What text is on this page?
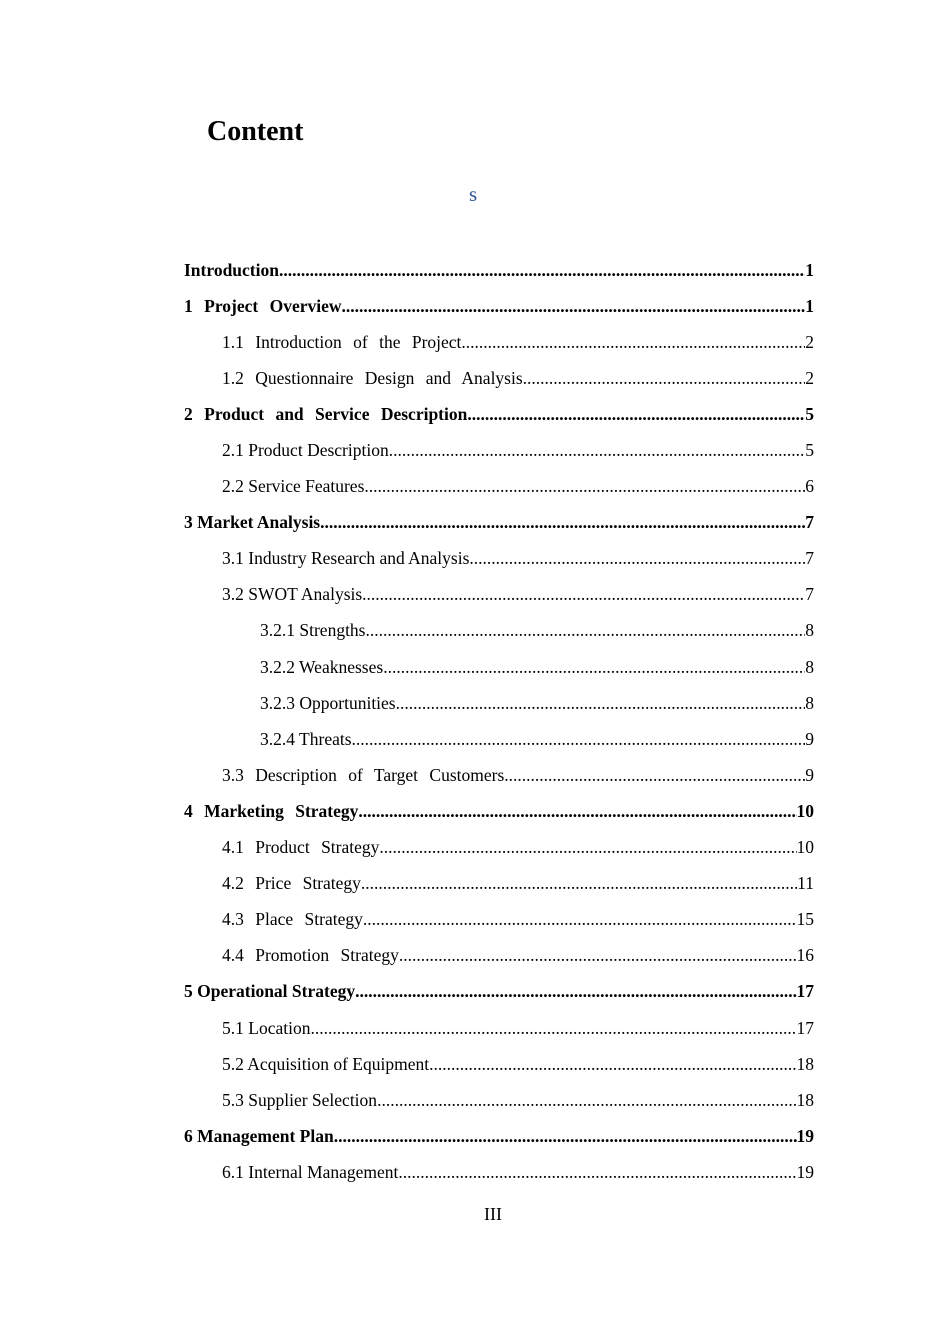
Content
s
Introduction .....	1
1 Project Overview .....	1
1.1 Introduction of the Project .....	2
1.2 Questionnaire Design and Analysis .....	2
2 Product and Service Description .....	5
2.1 Product Description .....	5
2.2 Service Features .....	6
3 Market Analysis .....	7
3.1 Industry Research and Analysis .....	7
3.2 SWOT Analysis .....	7
3.2.1 Strengths .....	8
3.2.2 Weaknesses .....	8
3.2.3 Opportunities .....	8
3.2.4 Threats .....	9
3.3 Description of Target Customers .....	9
4 Marketing Strategy .....	10
4.1 Product Strategy .....	10
4.2 Price Strategy .....	11
4.3 Place Strategy .....	15
4.4 Promotion Strategy .....	16
5 Operational Strategy .....	17
5.1 Location .....	17
5.2 Acquisition of Equipment .....	18
5.3 Supplier Selection .....	18
6 Management Plan .....	19
6.1 Internal Management .....	19
III
